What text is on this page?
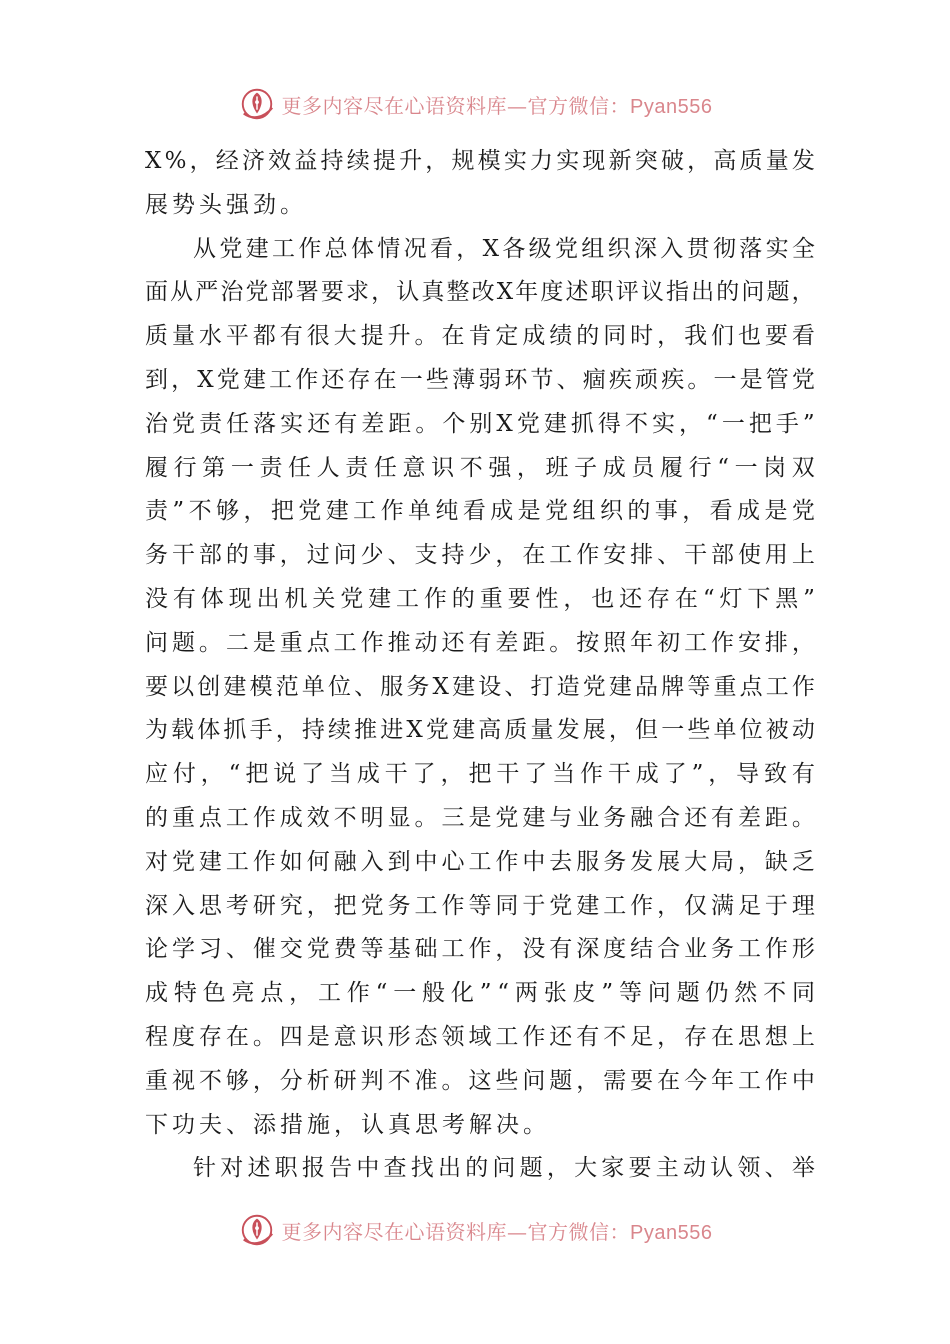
更多内容尽在心语资料库—官方微信：Pyan556
X % ， 经 济 效 益 持 续 提 升 ， 规 模 实 力 实 现 新 突 破 ， 高 质 量 发
展势头强劲。
从 党 建 工 作 总 体 情 况 看 ， X 各 级 党 组 织 深 入 贯 彻 落 实 全
面 从 严 治 党 部 署 要 求 ， 认 真 整 改 X 年 度 述 职 评 议 指 出 的 问 题 ，
质 量 水 平 都 有 很 大 提 升 。 在 肯 定 成 绩 的 同 时 ， 我 们 也 要 看
到 ， X 党 建 工 作 还 存 在 一 些 薄 弱 环 节 、 痼 疾 顽 疾 。 一 是 管 党
治 党 责 任 落 实 还 有 差 距 。 个 别 X 党 建 抓 得 不 实 ， “ 一 把 手 ”
履 行 第 一 责 任 人 责 任 意 识 不 强 ， 班 子 成 员 履 行 “ 一 岗 双
责 ” 不 够 ， 把 党 建 工 作 单 纯 看 成 是 党 组 织 的 事 ， 看 成 是 党
务 干 部 的 事 ， 过 问 少 、 支 持 少 ， 在 工 作 安 排 、 干 部 使 用 上
没 有 体 现 出 机 关 党 建 工 作 的 重 要 性 ， 也 还 存 在 “ 灯 下 黑 ”
问 题 。 二 是 重 点 工 作 推 动 还 有 差 距 。 按 照 年 初 工 作 安 排 ，
要 以 创 建 模 范 单 位 、 服 务 X 建 设 、 打 造 党 建 品 牌 等 重 点 工 作
为 载 体 抓 手 ， 持 续 推 进 X 党 建 高 质 量 发 展 ， 但 一 些 单 位 被 动
应 付 ， “ 把 说 了 当 成 干 了 ， 把 干 了 当 作 干 成 了 ” ， 导 致 有
的 重 点 工 作 成 效 不 明 显 。 三 是 党 建 与 业 务 融 合 还 有 差 距 。
对 党 建 工 作 如 何 融 入 到 中 心 工 作 中 去 服 务 发 展 大 局 ， 缺 乏
深 入 思 考 研 究 ， 把 党 务 工 作 等 同 于 党 建 工 作 ， 仅 满 足 于 理
论 学 习 、 催 交 党 费 等 基 础 工 作 ， 没 有 深 度 结 合 业 务 工 作 形
成 特 色 亮 点 ， 工 作 “ 一 般 化 ” “ 两 张 皮 ” 等 问 题 仍 然 不 同
程 度 存 在 。 四 是 意 识 形 态 领 域 工 作 还 有 不 足 ， 存 在 思 想 上
重 视 不 够 ， 分 析 研 判 不 准 。 这 些 问 题 ， 需 要 在 今 年 工 作 中
下功夫、添措施，认真思考解决。
针 对 述 职 报 告 中 查 找 出 的 问 题 ， 大 家 要 主 动 认 领 、 举
更多内容尽在心语资料库—官方微信：Pyan556
